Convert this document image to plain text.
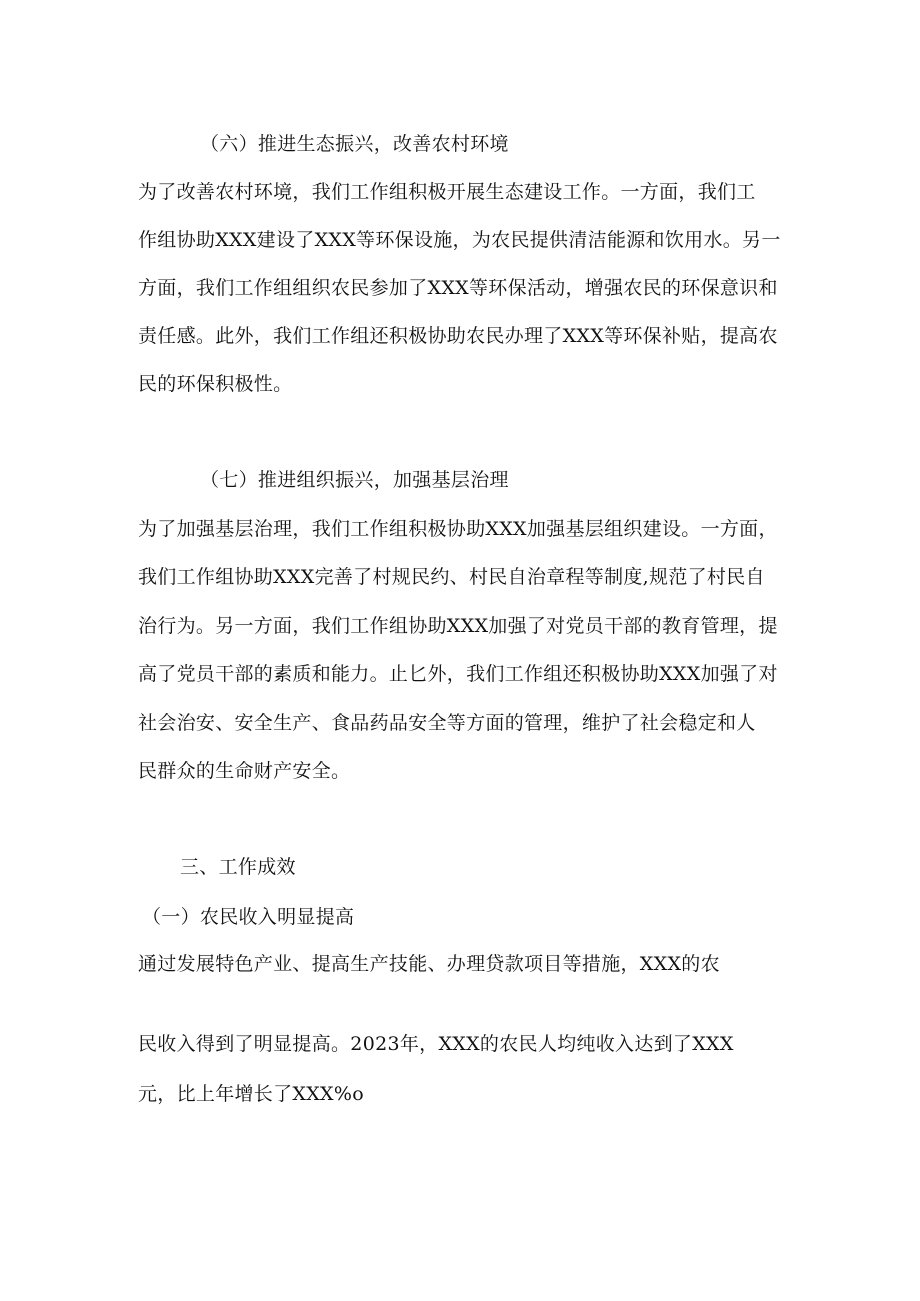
（六）推进生态振兴，改善农村环境
为了改善农村环境，我们工作组积极开展生态建设工作。一方面，我们工
作组协助XXX建设了XXX等环保设施，为农民提供清洁能源和饮用水。另一
方面，我们工作组组织农民参加了XXX等环保活动，增强农民的环保意识和
责任感。此外，我们工作组还积极协助农民办理了XXX等环保补贴，提高农
民的环保积极性。
（七）推进组织振兴，加强基层治理
为了加强基层治理，我们工作组积极协助XXX加强基层组织建设。一方面，
我们工作组协助XXX完善了村规民约、村民自治章程等制度,规范了村民自
治行为。另一方面，我们工作组协助XXX加强了对党员干部的教育管理，提
高了党员干部的素质和能力。止匕外，我们工作组还积极协助XXX加强了对
社会治安、安全生产、食品药品安全等方面的管理，维护了社会稳定和人
民群众的生命财产安全。
三、工作成效
（一）农民收入明显提高
通过发展特色产业、提高生产技能、办理贷款项目等措施，XXX的农
民收入得到了明显提高。2023年，XXX的农民人均纯收入达到了XXX
元，比上年增长了XXX%o
